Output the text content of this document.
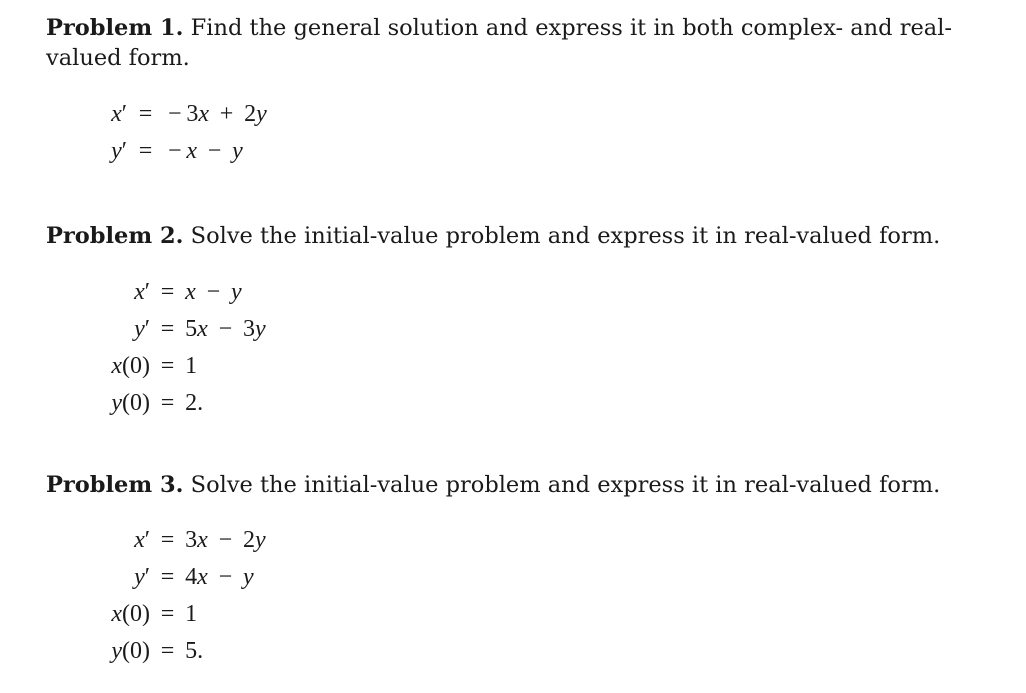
Problem 1. Find the general solution and express it in both complex- and real-valued form.

x′
y′
 =   − 3x  +  2y
 =   − x  −  y

Problem 2. Solve the initial-value problem and express it in real-valued form.

x′
y′
x(0)
y(0)
 =  x  −  y
 =  5x  −  3y
 =  1
 =  2.

Problem 3. Solve the initial-value problem and express it in real-valued form.

x′
y′
x(0)
y(0)
 =  3x  −  2y
 =  4x  −  y
 =  1
 =  5.
